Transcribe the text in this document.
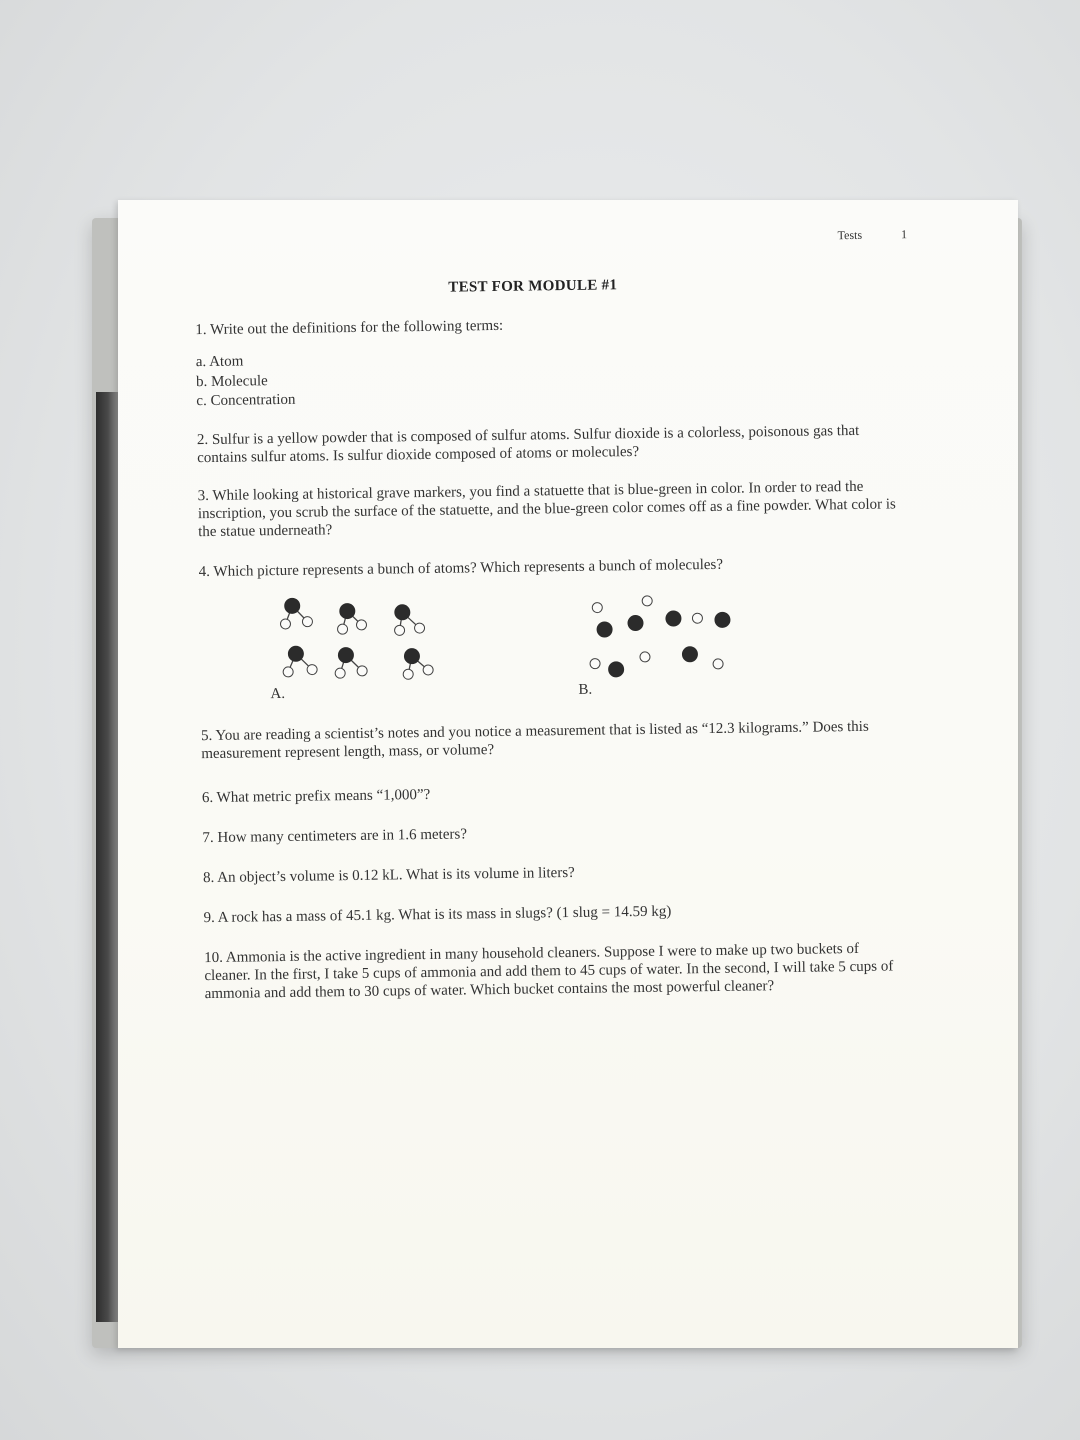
Tests	1
TEST FOR MODULE #1
1. Write out the definitions for the following terms:
a. Atom
b. Molecule
c. Concentration
2. Sulfur is a yellow powder that is composed of sulfur atoms. Sulfur dioxide is a colorless, poisonous gas that contains sulfur atoms. Is sulfur dioxide composed of atoms or molecules?
3. While looking at historical grave markers, you find a statuette that is blue-green in color. In order to read the inscription, you scrub the surface of the statuette, and the blue-green color comes off as a fine powder. What color is the statue underneath?
4. Which picture represents a bunch of atoms? Which represents a bunch of molecules?
A.	B.
5. You are reading a scientist’s notes and you notice a measurement that is listed as “12.3 kilograms.” Does this measurement represent length, mass, or volume?
6. What metric prefix means “1,000”?
7. How many centimeters are in 1.6 meters?
8. An object’s volume is 0.12 kL. What is its volume in liters?
9. A rock has a mass of 45.1 kg. What is its mass in slugs? (1 slug = 14.59 kg)
10. Ammonia is the active ingredient in many household cleaners. Suppose I were to make up two buckets of cleaner. In the first, I take 5 cups of ammonia and add them to 45 cups of water. In the second, I will take 5 cups of ammonia and add them to 30 cups of water. Which bucket contains the most powerful cleaner?
